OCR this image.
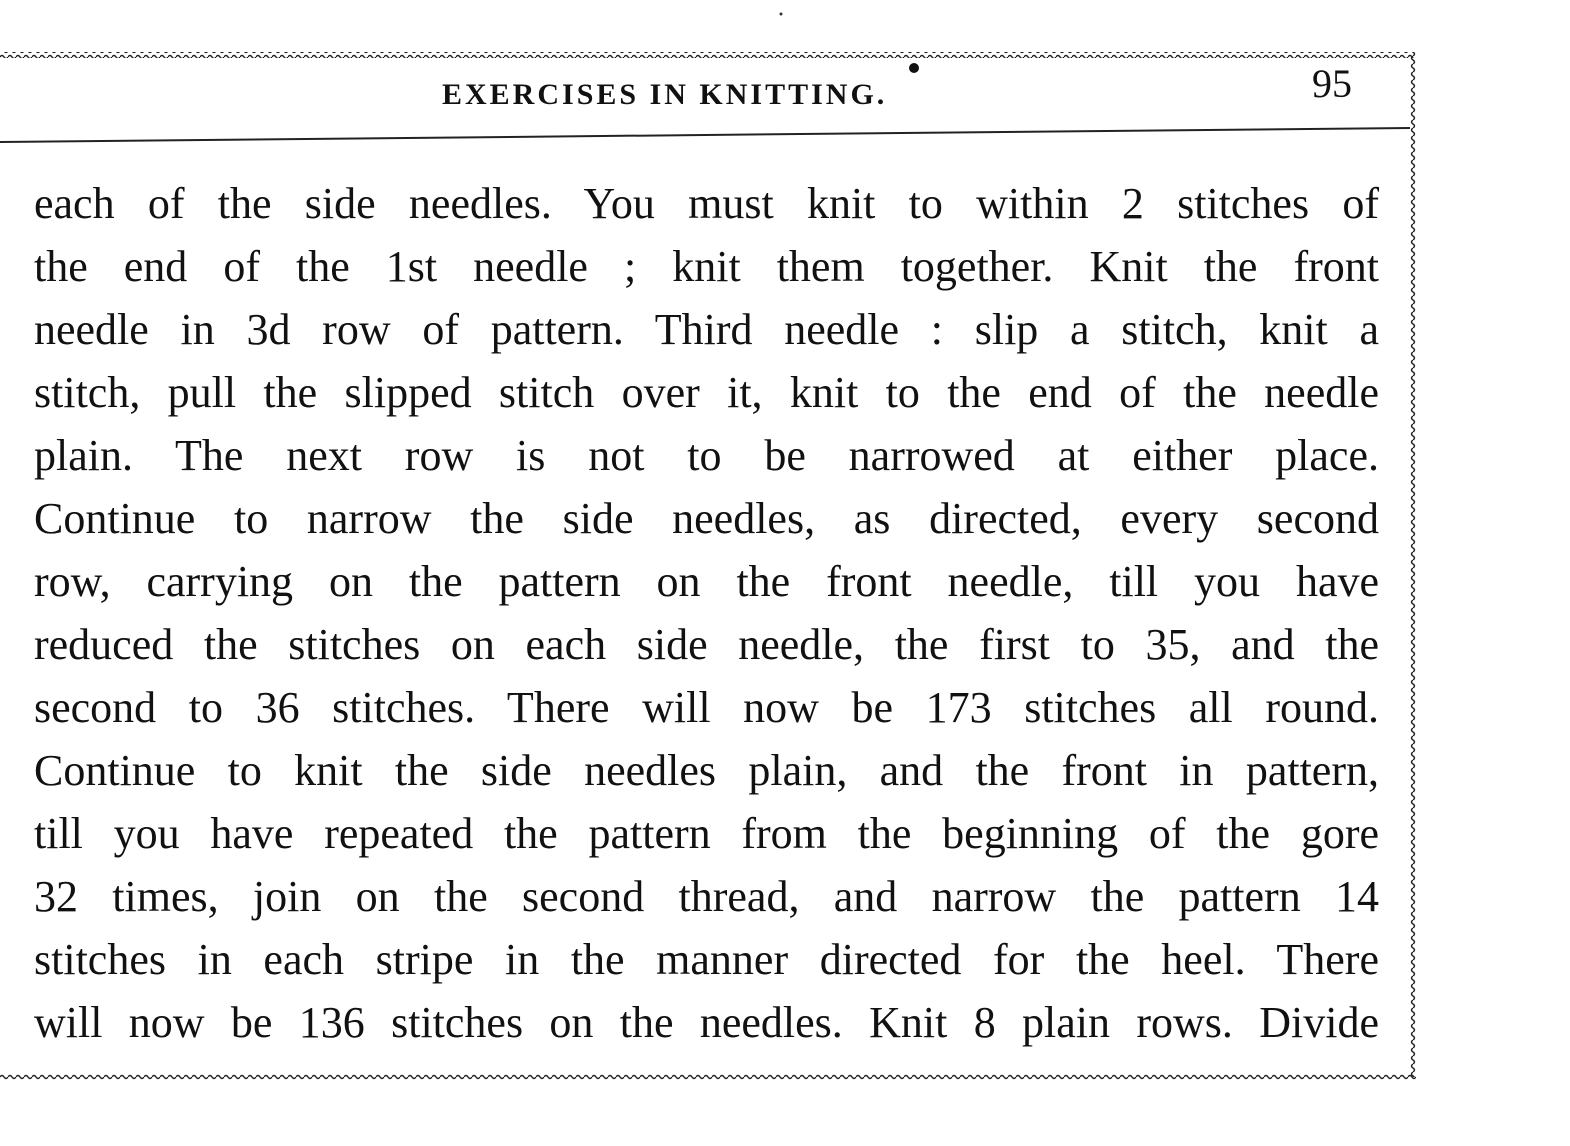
EXERCISES IN KNITTING.	95
each of the side needles. You must knit to within 2 stitches of
the end of the 1st needle ; knit them together. Knit the front
needle in 3d row of pattern. Third needle : slip a stitch, knit a
stitch, pull the slipped stitch over it, knit to the end of the needle
plain. The next row is not to be narrowed at either place.
Continue to narrow the side needles, as directed, every second
row, carrying on the pattern on the front needle, till you have
reduced the stitches on each side needle, the first to 35, and the
second to 36 stitches. There will now be 173 stitches all round.
Continue to knit the side needles plain, and the front in pattern,
till you have repeated the pattern from the beginning of the gore
32 times, join on the second thread, and narrow the pattern 14
stitches in each stripe in the manner directed for the heel. There
will now be 136 stitches on the needles. Knit 8 plain rows. Divide
